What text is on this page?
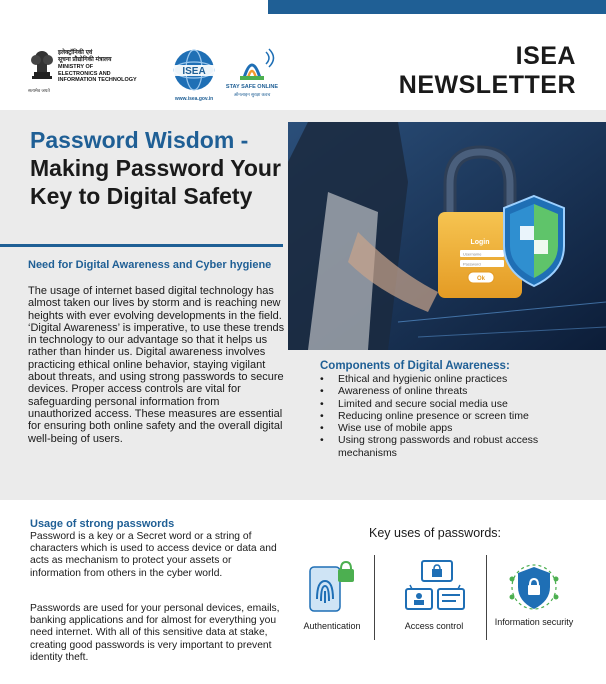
इलेक्ट्रॉनिकी एवं
सूचना प्रौद्योगिकी मंत्रालय
MINISTRY OF
ELECTRONICS AND
INFORMATION TECHNOLOGY
सत्यमेव जयते
ISEA
www.isea.gov.in
STAY SAFE ONLINE
ऑनलाइन सुरक्षा कवच
ISEA
NEWSLETTER
Password Wisdom -
Making Password Your Key to Digital Safety
Need for Digital Awareness and Cyber hygiene
The usage of internet based digital technology has almost taken our lives by storm and is reaching new heights with ever evolving developments in the field. ‘Digital Awareness’ is imperative, to use these trends in technology to our advantage so that it helps us rather than hinder us. Digital awareness involves practicing ethical online behavior, staying vigilant about threats, and using strong passwords to secure devices. Proper access controls are vital for safeguarding personal information from unauthorized access. These measures are essential for ensuring both online safety and the overall digital well-being of users.
Login
Username
Password
Ok
Components of Digital Awareness:
• Ethical and hygienic online practices
• Awareness of online threats
• Limited and secure social media use
• Reducing online presence or screen time
• Wise use of mobile apps
• Using strong passwords and robust access mechanisms
Usage of strong passwords
Password is a key or a Secret word or a string of characters which is used to access device or data and acts as mechanism to protect your assets or information from others in the cyber world.
Passwords are used for your personal devices, emails, banking applications and for almost for everything you need internet. With all of this sensitive data at stake, creating good passwords is very important to prevent identity theft.
Key uses of passwords:
Authentication	Access control	Information security
